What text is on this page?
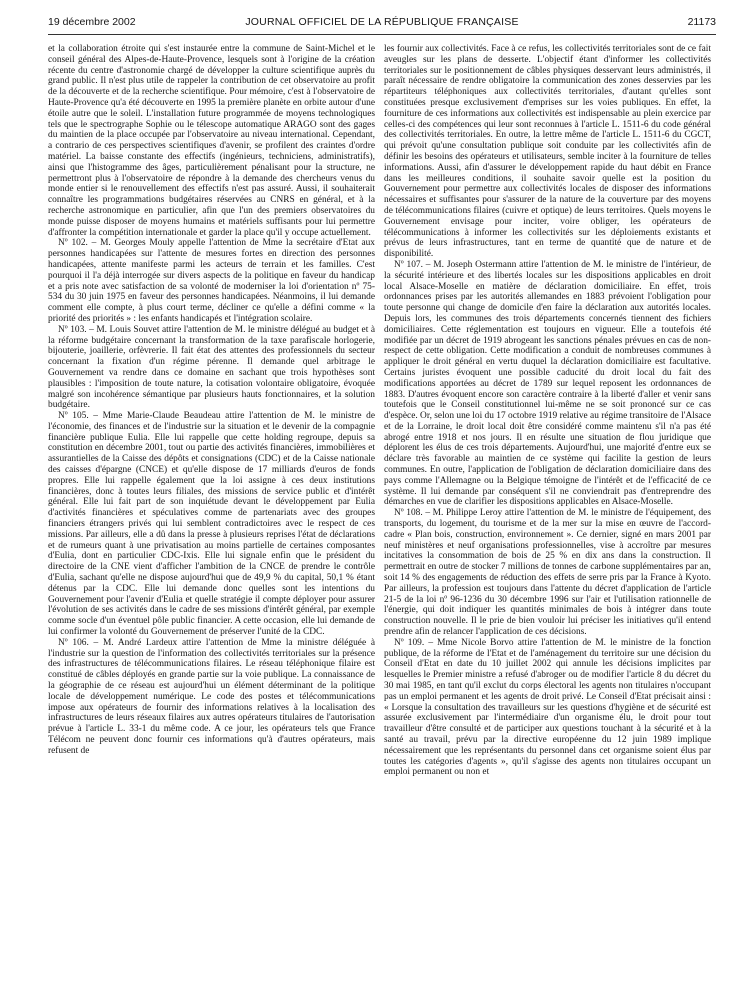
19 décembre 2002	JOURNAL OFFICIEL DE LA RÉPUBLIQUE FRANÇAISE	21173

et la collaboration étroite qui s'est instaurée entre la commune de Saint-Michel et le conseil général des Alpes-de-Haute-Provence, lesquels sont à l'origine de la création récente du centre d'astronomie chargé de développer la culture scientifique auprès du grand public. Il n'est plus utile de rappeler la contribution de cet observatoire au profit de la découverte et de la recherche scientifique. Pour mémoire, c'est à l'observatoire de Haute-Provence qu'a été découverte en 1995 la première planète en orbite autour d'une étoile autre que le soleil. L'installation future programmée de moyens technologiques tels que le spectrographe Sophie ou le télescope automatique ARAGO sont des gages du maintien de la place occupée par l'observatoire au niveau international. Cependant, a contrario de ces perspectives scientifiques d'avenir, se profilent des craintes d'ordre matériel. La baisse constante des effectifs (ingénieurs, techniciens, administratifs), ainsi que l'histogramme des âges, particulièrement pénalisant pour la structure, ne permettront plus à l'observatoire de répondre à la demande des chercheurs venus du monde entier si le renouvellement des effectifs n'est pas assuré. Aussi, il souhaiterait connaître les programmations budgétaires réservées au CNRS en général, et à la recherche astronomique en particulier, afin que l'un des premiers observatoires du monde puisse disposer de moyens humains et matériels suffisants pour lui permettre d'affronter la compétition internationale et garder la place qu'il y occupe actuellement.

Nº 102. – M. Georges Mouly appelle l'attention de Mme la secrétaire d'Etat aux personnes handicapées sur l'attente de mesures fortes en direction des personnes handicapées, attente manifeste parmi les acteurs de terrain et les familles. C'est pourquoi il l'a déjà interrogée sur divers aspects de la politique en faveur du handicap et a pris note avec satisfaction de sa volonté de moderniser la loi d'orientation nº 75-534 du 30 juin 1975 en faveur des personnes handicapées. Néanmoins, il lui demande comment elle compte, à plus court terme, décliner ce qu'elle a défini comme « la priorité des priorités » : les enfants handicapés et l'intégration scolaire.

Nº 103. – M. Louis Souvet attire l'attention de M. le ministre délégué au budget et à la réforme budgétaire concernant la transformation de la taxe parafiscale horlogerie, bijouterie, joaillerie, orfèvrerie. Il fait état des attentes des professionnels du secteur concernant la fixation d'un régime pérenne. Il demande quel arbitrage le Gouvernement va rendre dans ce domaine en sachant que trois hypothèses sont plausibles : l'imposition de toute nature, la cotisation volontaire obligatoire, évoquée malgré son incohérence sémantique par plusieurs hauts fonctionnaires, et la solution budgétaire.

Nº 105. – Mme Marie-Claude Beaudeau attire l'attention de M. le ministre de l'économie, des finances et de l'industrie sur la situation et le devenir de la compagnie financière publique Eulia. Elle lui rappelle que cette holding regroupe, depuis sa constitution en décembre 2001, tout ou partie des activités financières, immobilières et assurantielles de la Caisse des dépôts et consignations (CDC) et de la Caisse nationale des caisses d'épargne (CNCE) et qu'elle dispose de 17 milliards d'euros de fonds propres. Elle lui rappelle également que la loi assigne à ces deux institutions financières, donc à toutes leurs filiales, des missions de service public et d'intérêt général. Elle lui fait part de son inquiétude devant le développement par Eulia d'activités financières et spéculatives comme de partenariats avec des groupes financiers étrangers privés qui lui semblent contradictoires avec le respect de ces missions. Par ailleurs, elle a dû dans la presse à plusieurs reprises l'état de déclarations et de rumeurs quant à une privatisation au moins partielle de certaines composantes d'Eulia, dont en particulier CDC-Ixis. Elle lui signale enfin que le président du directoire de la CNE vient d'afficher l'ambition de la CNCE de prendre le contrôle d'Eulia, sachant qu'elle ne dispose aujourd'hui que de 49,9 % du capital, 50,1 % étant détenus par la CDC. Elle lui demande donc quelles sont les intentions du Gouvernement pour l'avenir d'Eulia et quelle stratégie il compte déployer pour assurer l'évolution de ses activités dans le cadre de ses missions d'intérêt général, par exemple comme socle d'un éventuel pôle public financier. A cette occasion, elle lui demande de lui confirmer la volonté du Gouvernement de préserver l'unité de la CDC.

Nº 106. – M. André Lardeux attire l'attention de Mme la ministre déléguée à l'industrie sur la question de l'information des collectivités territoriales sur la présence des infrastructures de télécommunications filaires. Le réseau téléphonique filaire est constitué de câbles déployés en grande partie sur la voie publique. La connaissance de la géographie de ce réseau est aujourd'hui un élément déterminant de la politique locale de développement numérique. Le code des postes et télécommunications impose aux opérateurs de fournir des informations relatives à la localisation des infrastructures de leurs réseaux filaires aux autres opérateurs titulaires de l'autorisation prévue à l'article L. 33-1 du même code. A ce jour, les opérateurs tels que France Télécom ne peuvent donc fournir ces informations qu'à d'autres opérateurs, mais refusent de

les fournir aux collectivités. Face à ce refus, les collectivités territoriales sont de ce fait aveugles sur les plans de desserte. L'objectif étant d'informer les collectivités territoriales sur le positionnement de câbles physiques desservant leurs administrés, il paraît nécessaire de rendre obligatoire la communication des zones desservies par les répartiteurs téléphoniques aux collectivités territoriales, d'autant qu'elles sont constituées presque exclusivement d'emprises sur les voies publiques. En effet, la fourniture de ces informations aux collectivités est indispensable au plein exercice par celles-ci des compétences qui leur sont reconnues à l'article L. 1511-6 du code général des collectivités territoriales. En outre, la lettre même de l'article L. 1511-6 du CGCT, qui prévoit qu'une consultation publique soit conduite par les collectivités afin de définir les besoins des opérateurs et utilisateurs, semble inciter à la fourniture de telles informations. Aussi, afin d'assurer le développement rapide du haut débit en France dans les meilleures conditions, il souhaite savoir quelle est la position du Gouvernement pour permettre aux collectivités locales de disposer des informations nécessaires et suffisantes pour s'assurer de la nature de la couverture par des moyens de télécommunications filaires (cuivre et optique) de leurs territoires. Quels moyens le Gouvernement envisage pour inciter, voire obliger, les opérateurs de télécommunications à informer les collectivités sur les déploiements existants et prévus de leurs infrastructures, tant en terme de quantité que de nature et de disponibilité.

Nº 107. – M. Joseph Ostermann attire l'attention de M. le ministre de l'intérieur, de la sécurité intérieure et des libertés locales sur les dispositions applicables en droit local Alsace-Moselle en matière de déclaration domiciliaire. En effet, trois ordonnances prises par les autorités allemandes en 1883 prévoient l'obligation pour toute personne qui change de domicile d'en faire la déclaration aux autorités locales. Depuis lors, les communes des trois départements concernés tiennent des fichiers domiciliaires. Cette réglementation est toujours en vigueur. Elle a toutefois été modifiée par un décret de 1919 abrogeant les sanctions pénales prévues en cas de non-respect de cette obligation. Cette modification a conduit de nombreuses communes à appliquer le droit général en vertu duquel la déclaration domiciliaire est facultative. Certains juristes évoquent une possible caducité du droit local du fait des modifications apportées au décret de 1789 sur lequel reposent les ordonnances de 1883. D'autres évoquent encore son caractère contraire à la liberté d'aller et venir sans toutefois que le Conseil constitutionnel lui-même ne se soit prononcé sur ce cas d'espèce. Or, selon une loi du 17 octobre 1919 relative au régime transitoire de l'Alsace et de la Lorraine, le droit local doit être considéré comme maintenu s'il n'a pas été abrogé entre 1918 et nos jours. Il en résulte une situation de flou juridique que déplorent les élus de ces trois départements. Aujourd'hui, une majorité d'entre eux se déclare très favorable au maintien de ce système qui facilite la gestion de leurs communes. En outre, l'application de l'obligation de déclaration domiciliaire dans des pays comme l'Allemagne ou la Belgique témoigne de l'intérêt et de l'efficacité de ce système. Il lui demande par conséquent s'il ne conviendrait pas d'entreprendre des démarches en vue de clarifier les dispositions applicables en Alsace-Moselle.

Nº 108. – M. Philippe Leroy attire l'attention de M. le ministre de l'équipement, des transports, du logement, du tourisme et de la mer sur la mise en œuvre de l'accord-cadre « Plan bois, construction, environnement ». Ce dernier, signé en mars 2001 par neuf ministères et neuf organisations professionnelles, vise à accroître par mesures incitatives la consommation de bois de 25 % en dix ans dans la construction. Il permettrait en outre de stocker 7 millions de tonnes de carbone supplémentaires par an, soit 14 % des engagements de réduction des effets de serre pris par la France à Kyoto. Par ailleurs, la profession est toujours dans l'attente du décret d'application de l'article 21-5 de la loi nº 96-1236 du 30 décembre 1996 sur l'air et l'utilisation rationnelle de l'énergie, qui doit indiquer les quantités minimales de bois à intégrer dans toute construction nouvelle. Il le prie de bien vouloir lui préciser les initiatives qu'il entend prendre afin de relancer l'application de ces décisions.

Nº 109. – Mme Nicole Borvo attire l'attention de M. le ministre de la fonction publique, de la réforme de l'Etat et de l'aménagement du territoire sur une décision du Conseil d'Etat en date du 10 juillet 2002 qui annule les décisions implicites par lesquelles le Premier ministre a refusé d'abroger ou de modifier l'article 8 du décret du 30 mai 1985, en tant qu'il exclut du corps électoral les agents non titulaires n'occupant pas un emploi permanent et les agents de droit privé. Le Conseil d'Etat précisait ainsi : « Lorsque la consultation des travailleurs sur les questions d'hygiène et de sécurité est assurée exclusivement par l'intermédiaire d'un organisme élu, le droit pour tout travailleur d'être consulté et de participer aux questions touchant à la sécurité et à la santé au travail, prévu par la directive européenne du 12 juin 1989 implique nécessairement que les représentants du personnel dans cet organisme soient élus par toutes les catégories d'agents », qu'il s'agisse des agents non titulaires occupant un emploi permanent ou non et
